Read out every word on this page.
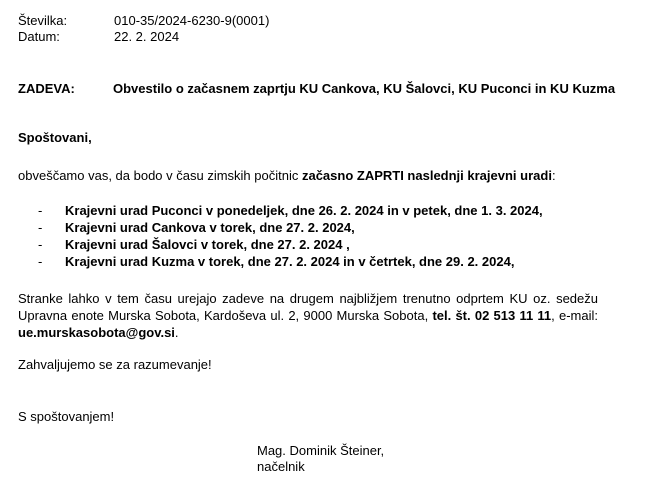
Številka:	010-35/2024-6230-9(0001)
Datum:	22. 2. 2024
ZADEVA:	Obvestilo o začasnem zaprtju KU Cankova, KU Šalovci, KU Puconci in KU Kuzma
Spoštovani,
obveščamo vas, da bodo v času zimskih počitnic začasno ZAPRTI naslednji krajevni uradi:
- Krajevni urad Puconci v ponedeljek, dne 26. 2. 2024 in v petek, dne 1. 3. 2024,
- Krajevni urad Cankova v torek, dne 27. 2. 2024,
- Krajevni urad Šalovci v torek, dne 27. 2. 2024 ,
- Krajevni urad Kuzma v torek, dne 27. 2. 2024 in v četrtek, dne 29. 2. 2024,
Stranke lahko v tem času urejajo zadeve na drugem najbližjem trenutno odprtem KU oz. sedežu Upravna enote Murska Sobota, Kardoševa ul. 2, 9000 Murska Sobota, tel. št. 02 513 11 11, e-mail: ue.murskasobota@gov.si.
Zahvaljujemo se za razumevanje!
S spoštovanjem!
Mag. Dominik Šteiner,
načelnik
